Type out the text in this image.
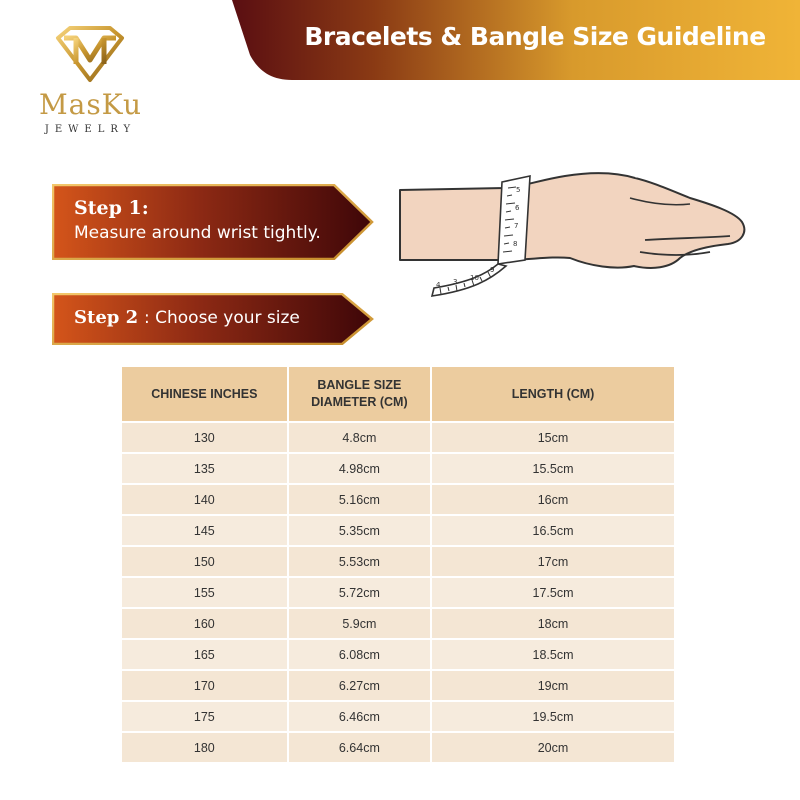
Bracelets & Bangle Size Guideline
MasKu
JEWELRY
Step 1:
Measure around wrist tightly.
Step 2 : Choose your size
5
6
7
8
9
10
3
4
CHINESE INCHES	BANGLE SIZE DIAMETER (CM)	LENGTH (CM)
130	4.8cm	15cm
135	4.98cm	15.5cm
140	5.16cm	16cm
145	5.35cm	16.5cm
150	5.53cm	17cm
155	5.72cm	17.5cm
160	5.9cm	18cm
165	6.08cm	18.5cm
170	6.27cm	19cm
175	6.46cm	19.5cm
180	6.64cm	20cm
